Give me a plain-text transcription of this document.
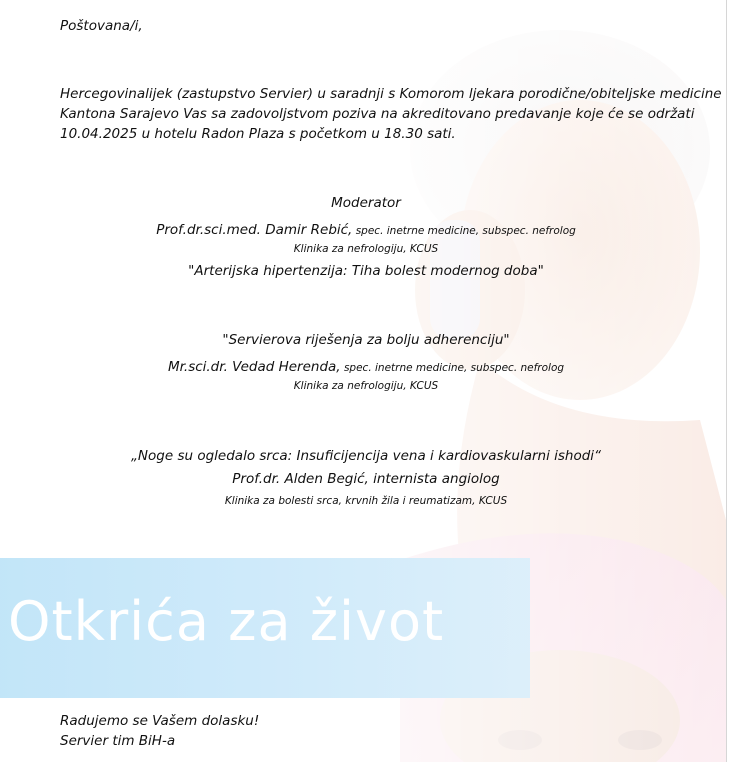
Poštovana/i,
Hercegovinalijek (zastupstvo Servier) u saradnji s Komorom ljekara porodične/obiteljske medicine
Kantona Sarajevo Vas sa zadovoljstvom poziva na akreditovano predavanje koje će se održati
10.04.2025 u hotelu Radon Plaza s početkom u 18.30 sati.
Moderator
Prof.dr.sci.med. Damir Rebić, spec. inetrne medicine, subspec. nefrolog
Klinika za nefrologiju, KCUS
"Arterijska hipertenzija: Tiha bolest modernog doba"
"Servierova riješenja za bolju adherenciju"
Mr.sci.dr. Vedad Herenda, spec. inetrne medicine, subspec. nefrolog
Klinika za nefrologiju, KCUS
„Noge su ogledalo srca: Insuficijencija vena i kardiovaskularni ishodi“
Prof.dr. Alden Begić, internista angiolog
Klinika za bolesti srca, krvnih žila i reumatizam, KCUS
Otkrića za život
Radujemo se Vašem dolasku!
Servier tim BiH-a
